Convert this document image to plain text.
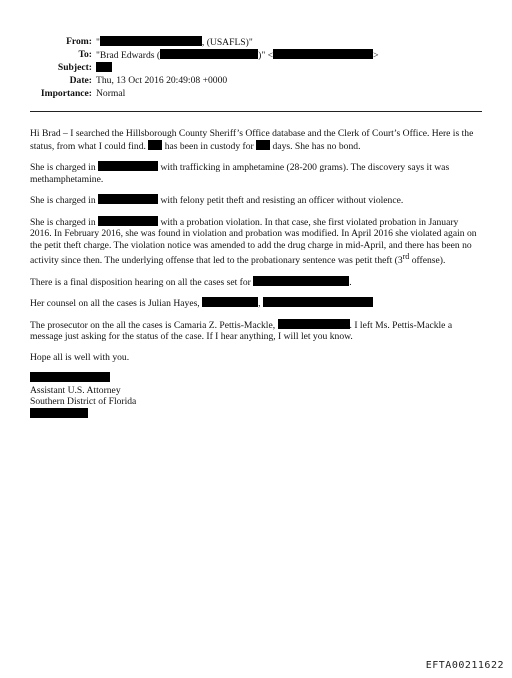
From: "	, (USAFLS)"
To: "Brad Edwards (	)" <	>
Subject:
Date: Thu, 13 Oct 2016 20:49:08 +0000
Importance: Normal

Hi Brad – I searched the Hillsborough County Sheriff’s Office database and the Clerk of Court’s Office. Here is the status, from what I could find. has been in custody for days. She has no bond.

She is charged in	with trafficking in amphetamine (28-200 grams). The discovery says it was methamphetamine.

She is charged in	with felony petit theft and resisting an officer without violence.

She is charged in	with a probation violation. In that case, she first violated probation in January 2016. In February 2016, she was found in violation and probation was modified. In April 2016 she violated again on the petit theft charge. The violation notice was amended to add the drug charge in mid-April, and there has been no activity since then. The underlying offense that led to the probationary sentence was petit theft (3rd offense).

There is a final disposition hearing on all the cases set for	.

Her counsel on all the cases is Julian Hayes,	,

The prosecutor on the all the cases is Camaria Z. Pettis-Mackle,	. I left Ms. Pettis-Mackle a message just asking for the status of the case. If I hear anything, I will let you know.

Hope all is well with you.

Assistant U.S. Attorney
Southern District of Florida
EFTA00211622
